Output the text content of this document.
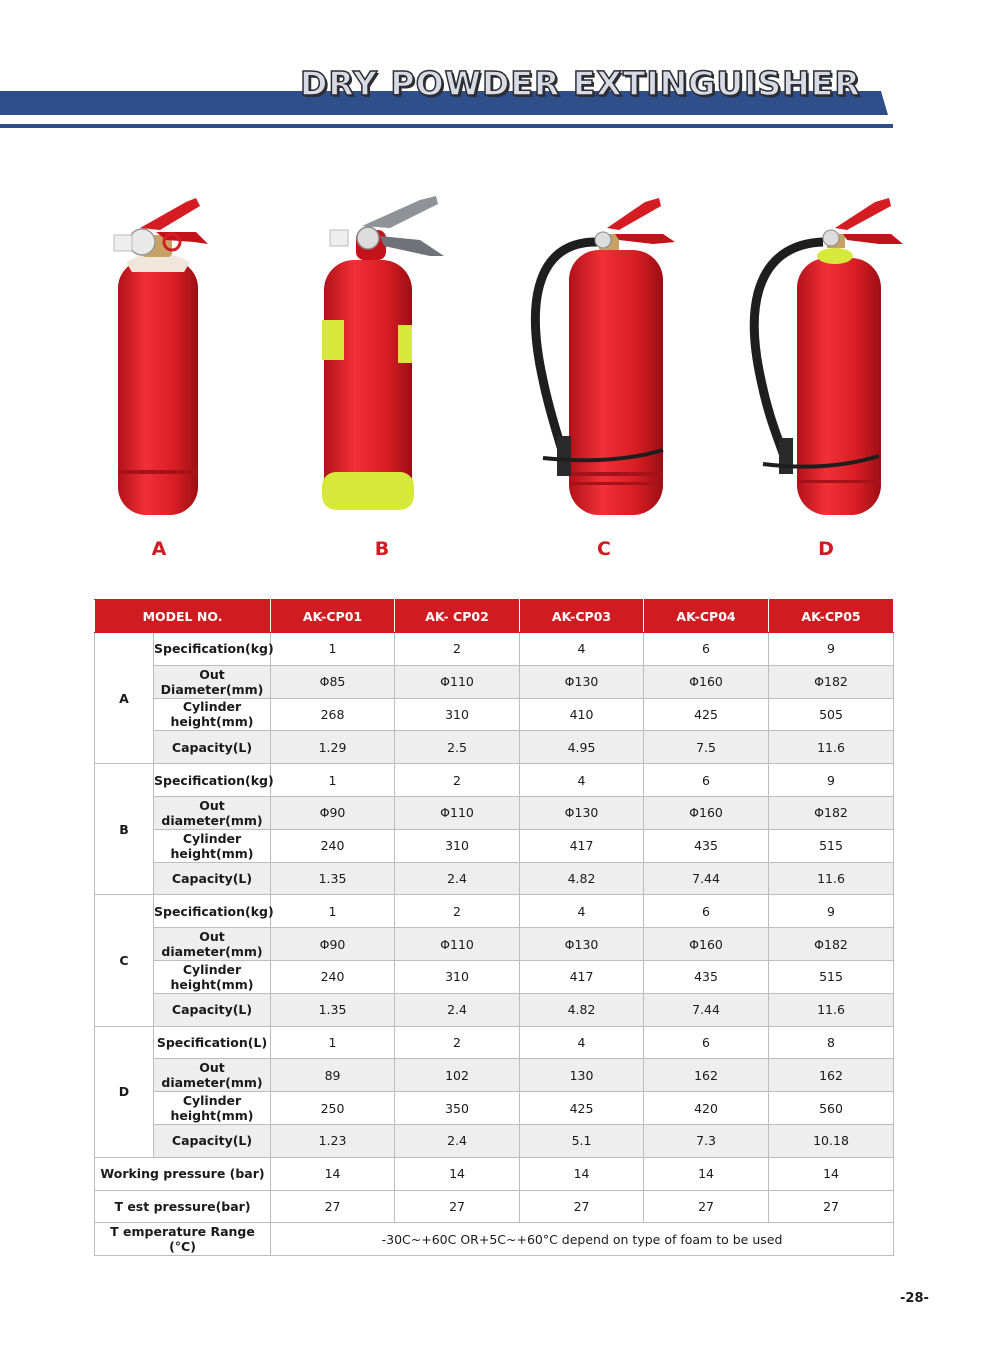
DRY POWDER EXTINGUISHER
A	B	C	D
MODEL NO.		AK-CP01	AK- CP02	AK-CP03	AK-CP04	AK-CP05
A	Specification(kg)	1	2	4	6	9
	Out Diameter(mm)	Φ85	Φ110	Φ130	Φ160	Φ182
	Cylinder height(mm)	268	310	410	425	505
	Capacity(L)	1.29	2.5	4.95	7.5	11.6
B	Specification(kg)	1	2	4	6	9
	Out diameter(mm)	Φ90	Φ110	Φ130	Φ160	Φ182
	Cylinder height(mm)	240	310	417	435	515
	Capacity(L)	1.35	2.4	4.82	7.44	11.6
C	Specification(kg)	1	2	4	6	9
	Out diameter(mm)	Φ90	Φ110	Φ130	Φ160	Φ182
	Cylinder height(mm)	240	310	417	435	515
	Capacity(L)	1.35	2.4	4.82	7.44	11.6
D	Specification(L)	1	2	4	6	8
	Out diameter(mm)	89	102	130	162	162
	Cylinder height(mm)	250	350	425	420	560
	Capacity(L)	1.23	2.4	5.1	7.3	10.18
Working pressure (bar)		14	14	14	14	14
T est pressure(bar)		27	27	27	27	27
T emperature Range (°C)		-30C~+60C OR+5C~+60°C depend on type of foam to be used				
-28-
